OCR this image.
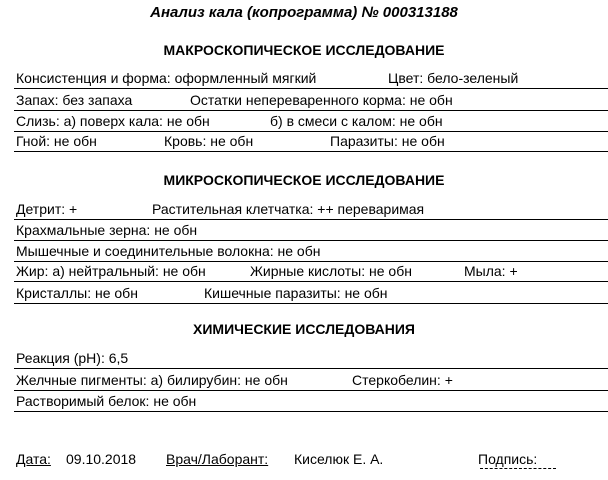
Анализ кала (копрограмма) № 000313188
МАКРОСКОПИЧЕСКОЕ ИССЛЕДОВАНИЕ
Консистенция и форма: оформленный мягкий	Цвет: бело-зеленый
Запах: без запаха	Остатки непереваренного корма: не обн
Слизь: а) поверх кала: не обн	б) в смеси с калом: не обн
Гной: не обн	Кровь: не обн	Паразиты: не обн
МИКРОСКОПИЧЕСКОЕ ИССЛЕДОВАНИЕ
Детрит: +	Растительная клетчатка: ++ переваримая
Крахмальные зерна: не обн
Мышечные и соединительные волокна: не обн
Жир: а) нейтральный: не обн	Жирные кислоты: не обн	Мыла: +
Кристаллы: не обн	Кишечные паразиты: не обн
ХИМИЧЕСКИЕ ИССЛЕДОВАНИЯ
Реакция (pH): 6,5
Желчные пигменты: а) билирубин: не обн	Стеркобелин: +
Растворимый белок: не обн
Дата: 09.10.2018 Врач/Лаборант: Киселюк Е. А.	Подпись:
